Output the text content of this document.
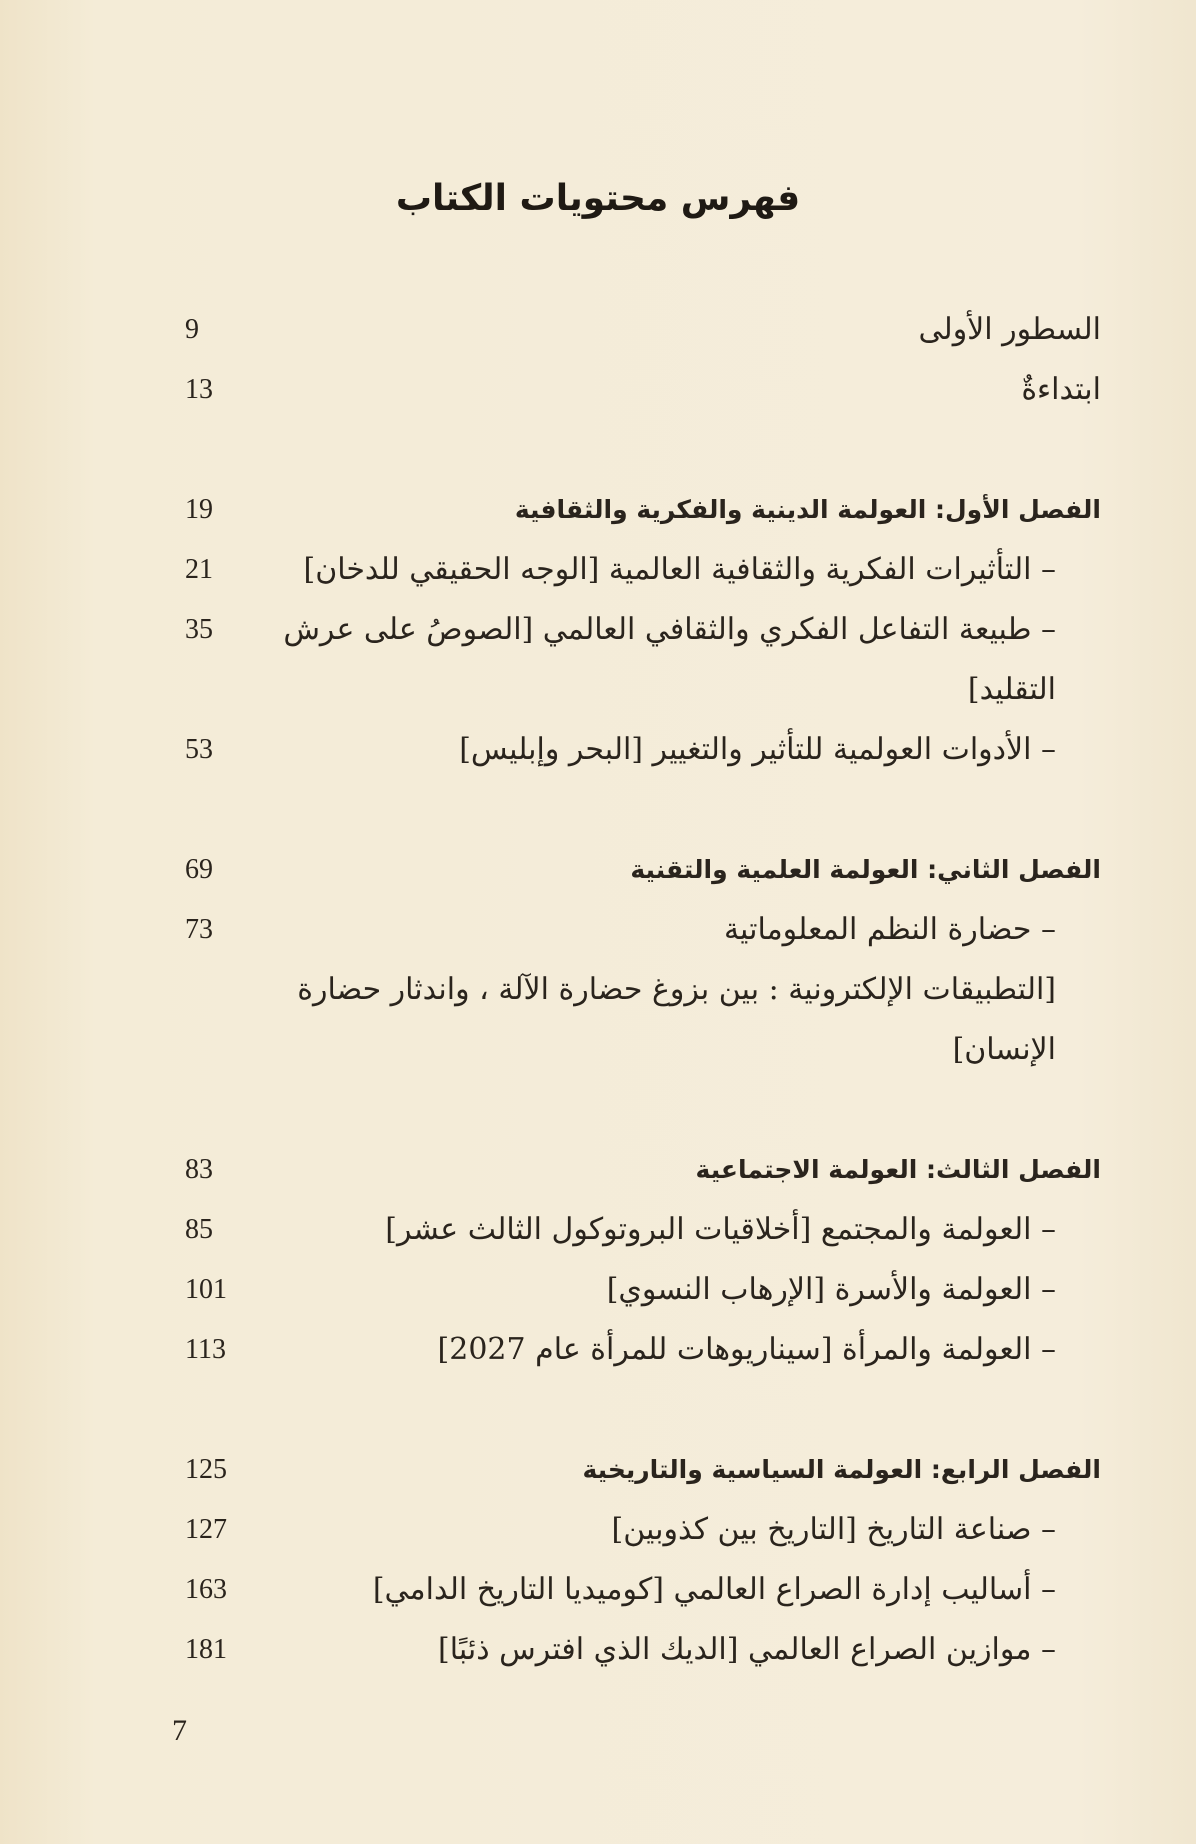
فهرس محتويات الكتاب
السطور الأولى
9
ابتداءةٌ
13
الفصل الأول: العولمة الدينية والفكرية والثقافية
19
– التأثيرات الفكرية والثقافية العالمية [الوجه الحقيقي للدخان]
21
– طبيعة التفاعل الفكري والثقافي العالمي [الصوصُ على عرش التقليد]
35
– الأدوات العولمية للتأثير والتغيير [البحر وإبليس]
53
الفصل الثاني: العولمة العلمية والتقنية
69
– حضارة النظم المعلوماتية
73
[التطبيقات الإلكترونية : بين بزوغ حضارة الآلة ، واندثار حضارة الإنسان]
الفصل الثالث: العولمة الاجتماعية
83
– العولمة والمجتمع [أخلاقيات البروتوكول الثالث عشر]
85
– العولمة والأسرة [الإرهاب النسوي]
101
– العولمة والمرأة [سيناريوهات للمرأة عام 2027]
113
الفصل الرابع: العولمة السياسية والتاريخية
125
– صناعة التاريخ [التاريخ بين كذوبين]
127
– أساليب إدارة الصراع العالمي [كوميديا التاريخ الدامي]
163
– موازين الصراع العالمي [الديك الذي افترس ذئبًا]
181
7
